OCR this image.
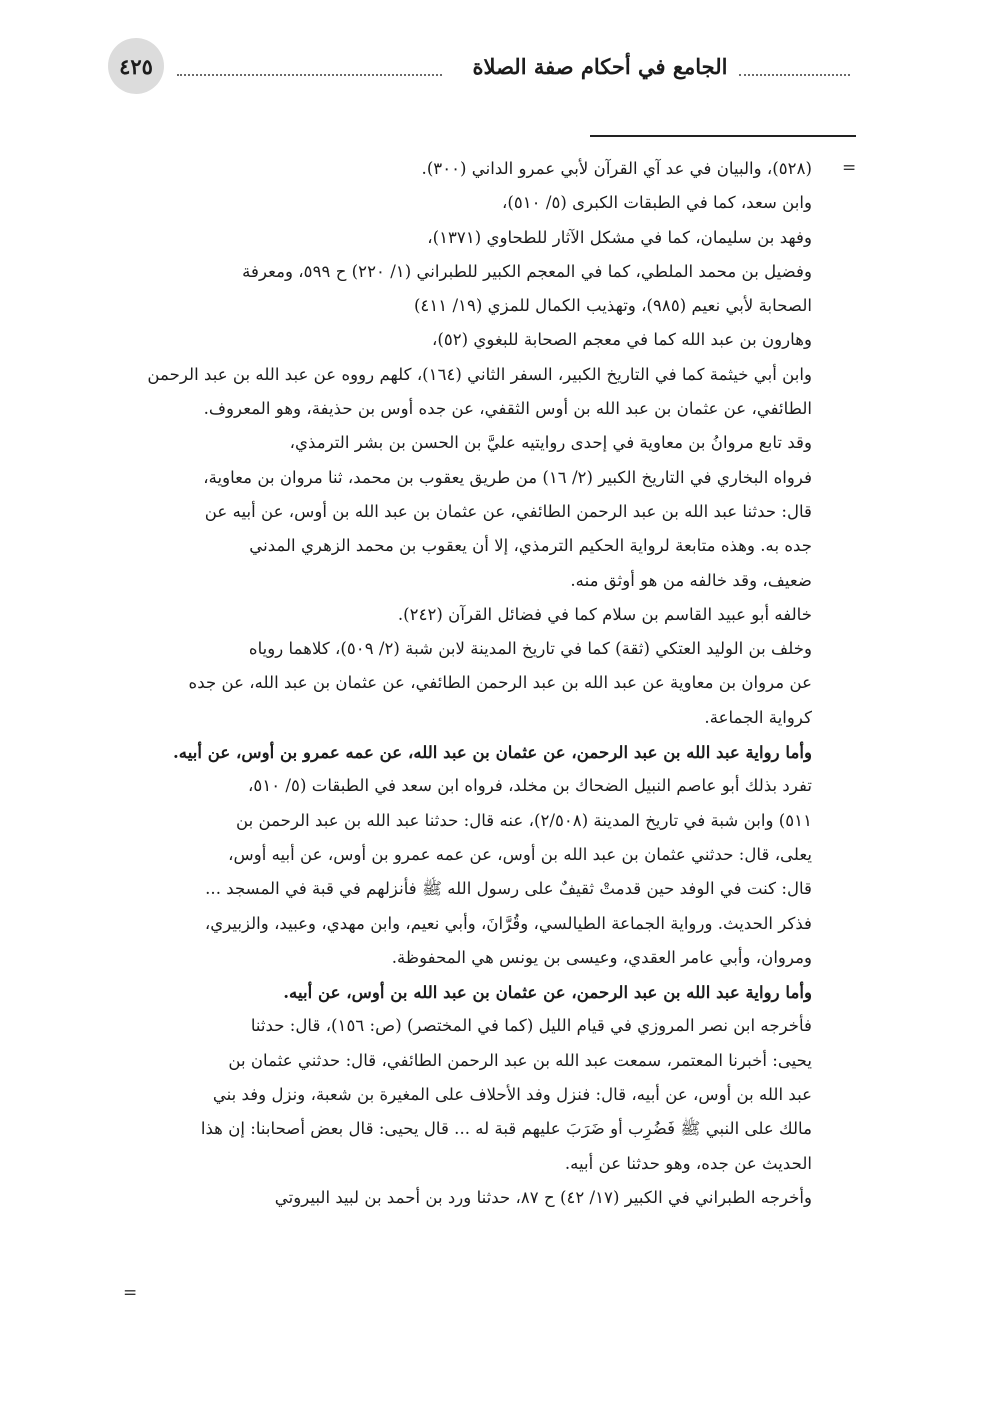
٤٢٥	الجامع في أحكام صفة الصلاة
=
(٥٢٨)، والبيان في عد آي القرآن لأبي عمرو الداني (٣٠٠).
وابن سعد، كما في الطبقات الكبرى (٥/ ٥١٠)،
وفهد بن سليمان، كما في مشكل الآثار للطحاوي (١٣٧١)،
وفضيل بن محمد الملطي، كما في المعجم الكبير للطبراني (١/ ٢٢٠) ح ٥٩٩، ومعرفة
الصحابة لأبي نعيم (٩٨٥)، وتهذيب الكمال للمزي (١٩/ ٤١١)
وهارون بن عبد الله كما في معجم الصحابة للبغوي (٥٢)،
وابن أبي خيثمة كما في التاريخ الكبير، السفر الثاني (١٦٤)، كلهم رووه عن عبد الله بن عبد الرحمن
الطائفي، عن عثمان بن عبد الله بن أوس الثقفي، عن جده أوس بن حذيفة، وهو المعروف.
وقد تابع مروانُ بن معاوية في إحدى روايتيه عليَّ بن الحسن بن بشر الترمذي،
فرواه البخاري في التاريخ الكبير (٢/ ١٦) من طريق يعقوب بن محمد، ثنا مروان بن معاوية،
قال: حدثنا عبد الله بن عبد الرحمن الطائفي، عن عثمان بن عبد الله بن أوس، عن أبيه عن
جده به. وهذه متابعة لرواية الحكيم الترمذي، إلا أن يعقوب بن محمد الزهري المدني
ضعيف، وقد خالفه من هو أوثق منه.
خالفه أبو عبيد القاسم بن سلام كما في فضائل القرآن (٢٤٢).
وخلف بن الوليد العتكي (ثقة) كما في تاريخ المدينة لابن شبة (٢/ ٥٠٩)، كلاهما روياه
عن مروان بن معاوية عن عبد الله بن عبد الرحمن الطائفي، عن عثمان بن عبد الله، عن جده
كرواية الجماعة.
وأما رواية عبد الله بن عبد الرحمن، عن عثمان بن عبد الله، عن عمه عمرو بن أوس، عن أبيه.
تفرد بذلك أبو عاصم النبيل الضحاك بن مخلد، فرواه ابن سعد في الطبقات (٥/ ٥١٠،
٥١١) وابن شبة في تاريخ المدينة (٢/٥٠٨)، عنه قال: حدثنا عبد الله بن عبد الرحمن بن
يعلى، قال: حدثني عثمان بن عبد الله بن أوس، عن عمه عمرو بن أوس، عن أبيه أوس،
قال: كنت في الوفد حين قدمتْ ثقيفٌ على رسول الله ﷺ فأنزلهم في قبة في المسجد ...
فذكر الحديث. ورواية الجماعة الطيالسي، وقُرَّانَ، وأبي نعيم، وابن مهدي، وعبيد، والزبيري،
ومروان، وأبي عامر العقدي، وعيسى بن يونس هي المحفوظة.
وأما رواية عبد الله بن عبد الرحمن، عن عثمان بن عبد الله بن أوس، عن أبيه.
فأخرجه ابن نصر المروزي في قيام الليل (كما في المختصر) (ص: ١٥٦)، قال: حدثنا
يحيى: أخبرنا المعتمر، سمعت عبد الله بن عبد الرحمن الطائفي، قال: حدثني عثمان بن
عبد الله بن أوس، عن أبيه، قال: فنزل وفد الأحلاف على المغيرة بن شعبة، ونزل وفد بني
مالك على النبي ﷺ فَضُرِب أو ضَرَبَ عليهم قبة له ... قال يحيى: قال بعض أصحابنا: إن هذا
الحديث عن جده، وهو حدثنا عن أبيه.
وأخرجه الطبراني في الكبير (١٧/ ٤٢) ح ٨٧، حدثنا ورد بن أحمد بن لبيد البيروتي
=
